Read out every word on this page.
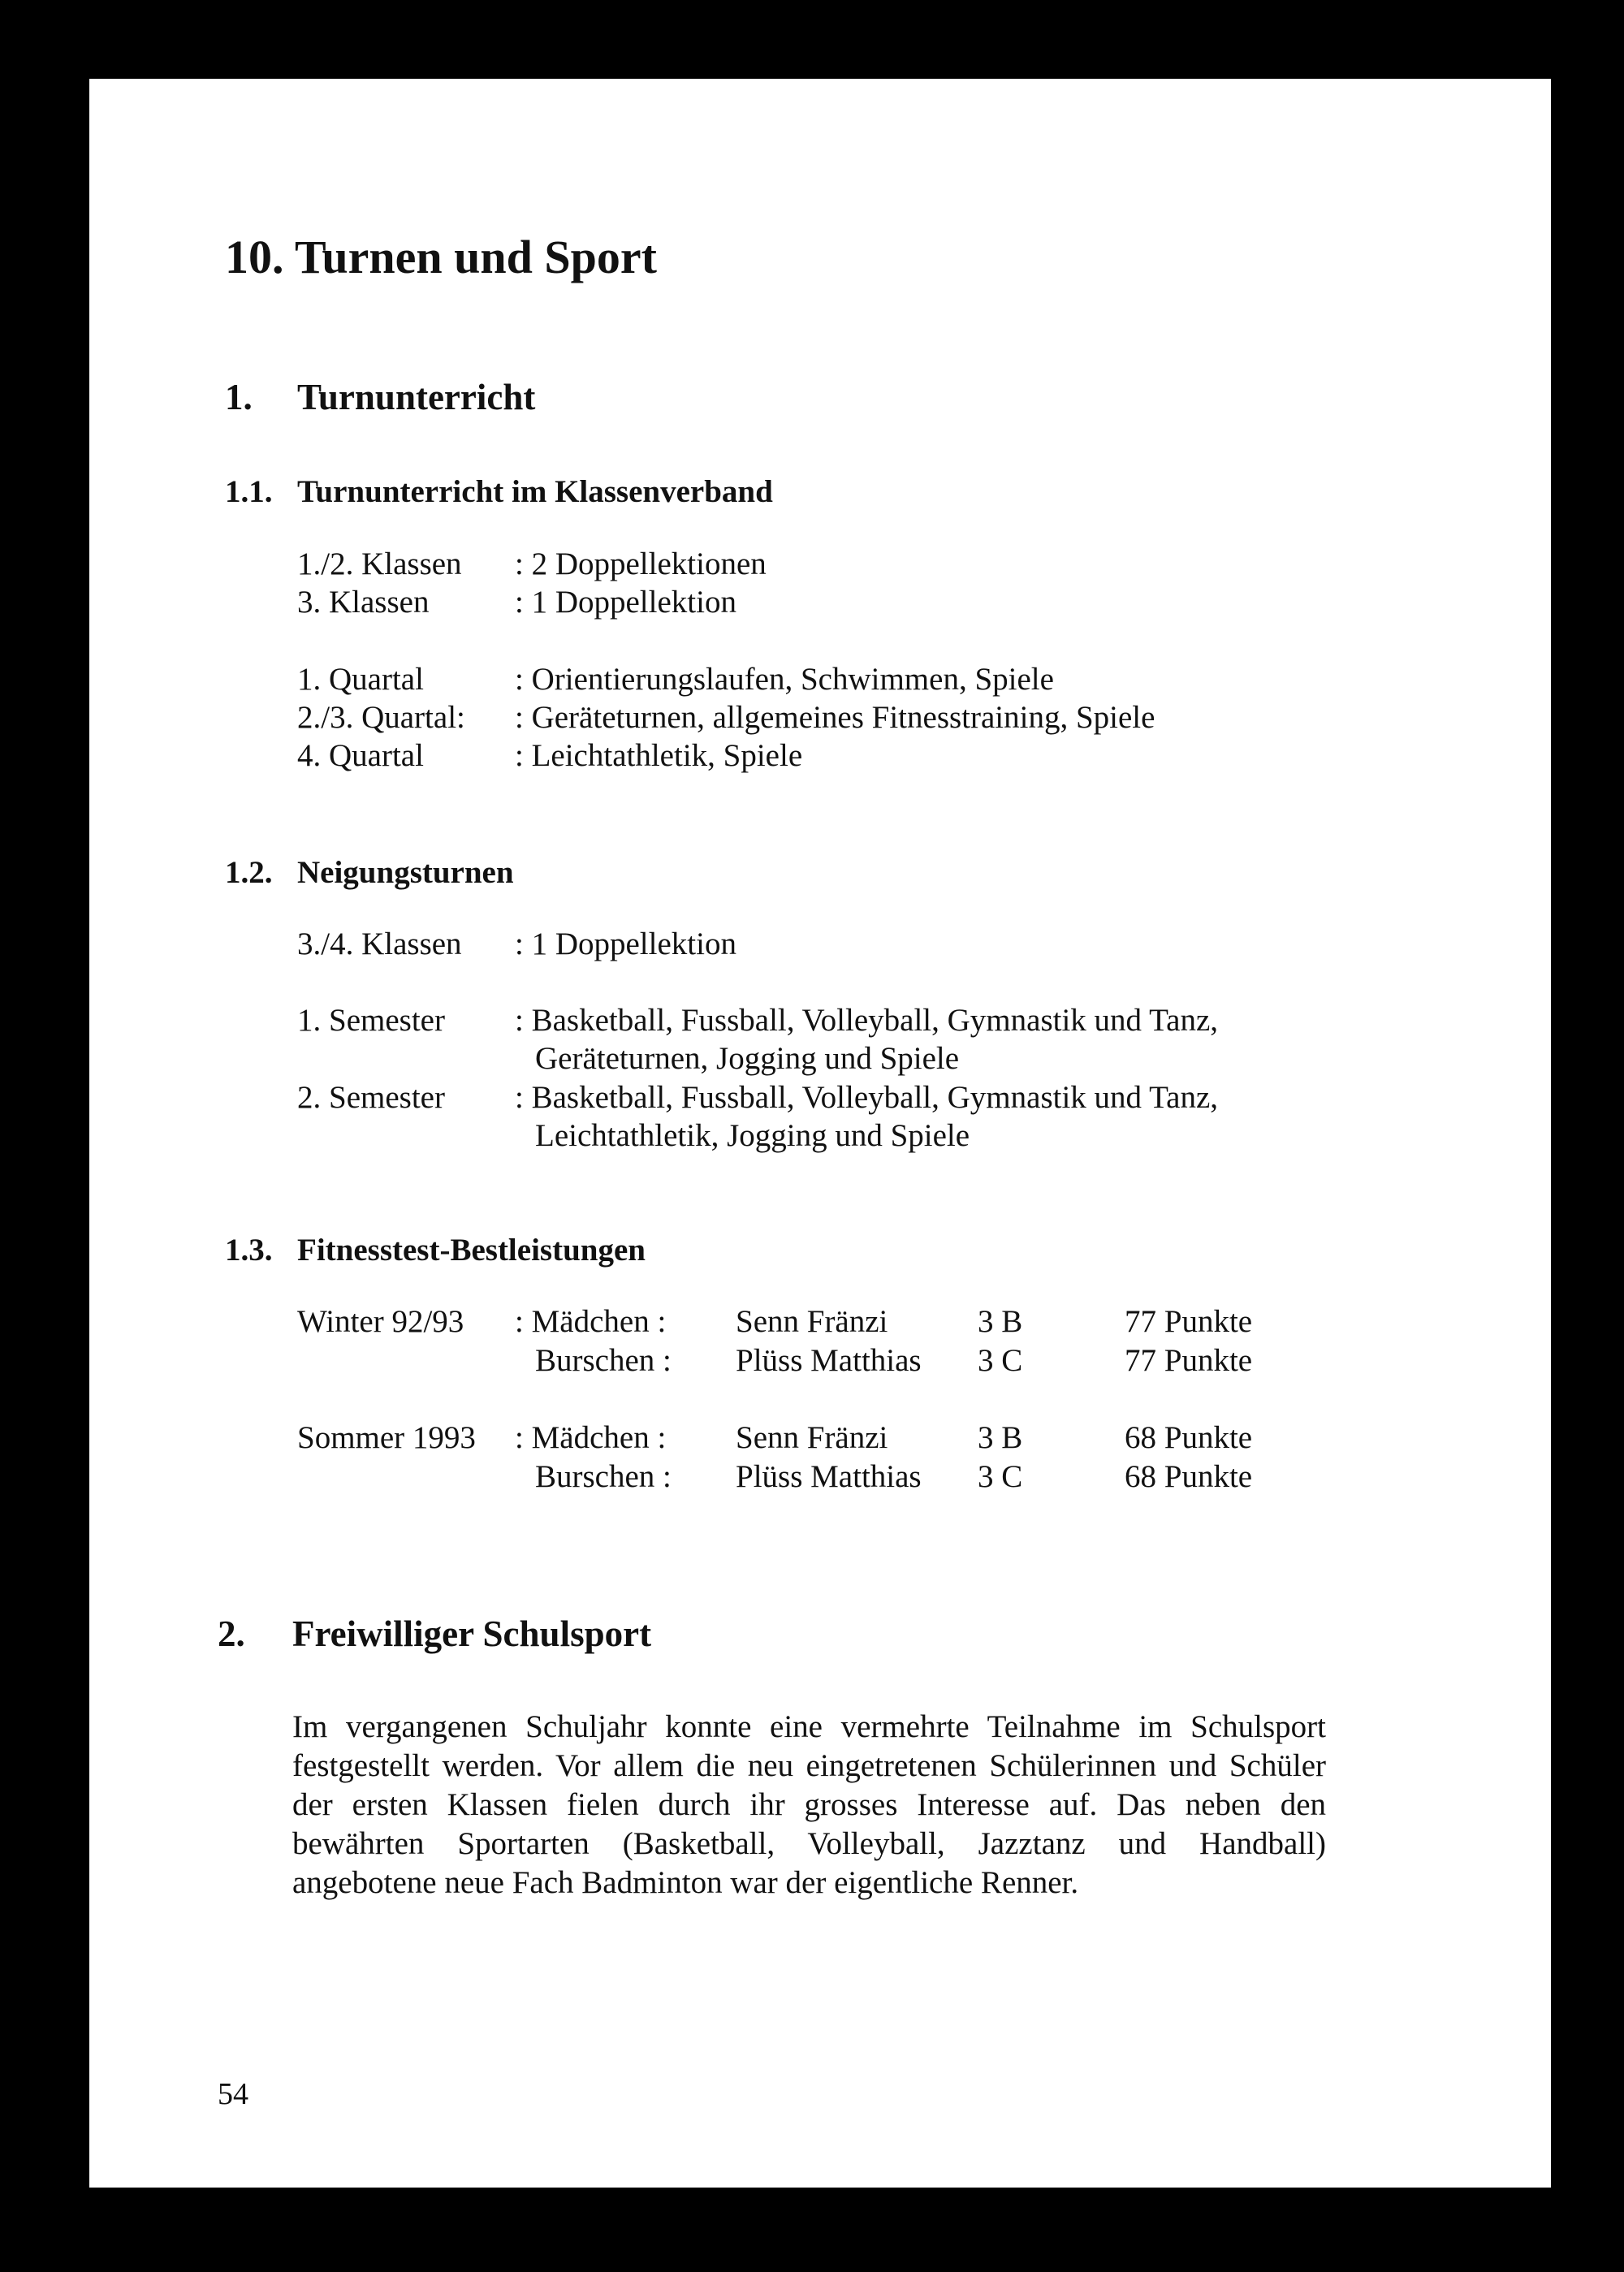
10. Turnen und Sport
1. Turnunterricht
1.1. Turnunterricht im Klassenverband
1./2. Klassen : 2 Doppellektionen
3. Klassen	: 1 Doppellektion
1. Quartal	: Orientierungslaufen, Schwimmen, Spiele
2./3. Quartal: : Geräteturnen, allgemeines Fitnesstraining, Spiele
4. Quartal	: Leichtathletik, Spiele
1.2. Neigungsturnen
3./4. Klassen : 1 Doppellektion
1. Semester : Basketball, Fussball, Volleyball, Gymnastik und Tanz,
Geräteturnen, Jogging und Spiele
2. Semester : Basketball, Fussball, Volleyball, Gymnastik und Tanz,
Leichtathletik, Jogging und Spiele
1.3. Fitnesstest-Bestleistungen
Winter 92/93 : Mädchen : Senn Fränzi	3 B	77 Punkte
Burschen : Plüss Matthias 3 C	77 Punkte
Sommer 1993 : Mädchen : Senn Fränzi	3 B	68 Punkte
Burschen : Plüss Matthias 3 C	68 Punkte
2. Freiwilliger Schulsport

Im vergangenen Schuljahr konnte eine vermehrte Teilnahme im Schulsport festgestellt werden. Vor allem die neu eingetretenen Schülerinnen und Schüler der ersten Klassen fielen durch ihr grosses Interesse auf. Das neben den bewährten Sportarten (Basketball, Volleyball, Jazztanz und Handball) angebotene neue Fach Badminton war der eigentliche Renner.

54
